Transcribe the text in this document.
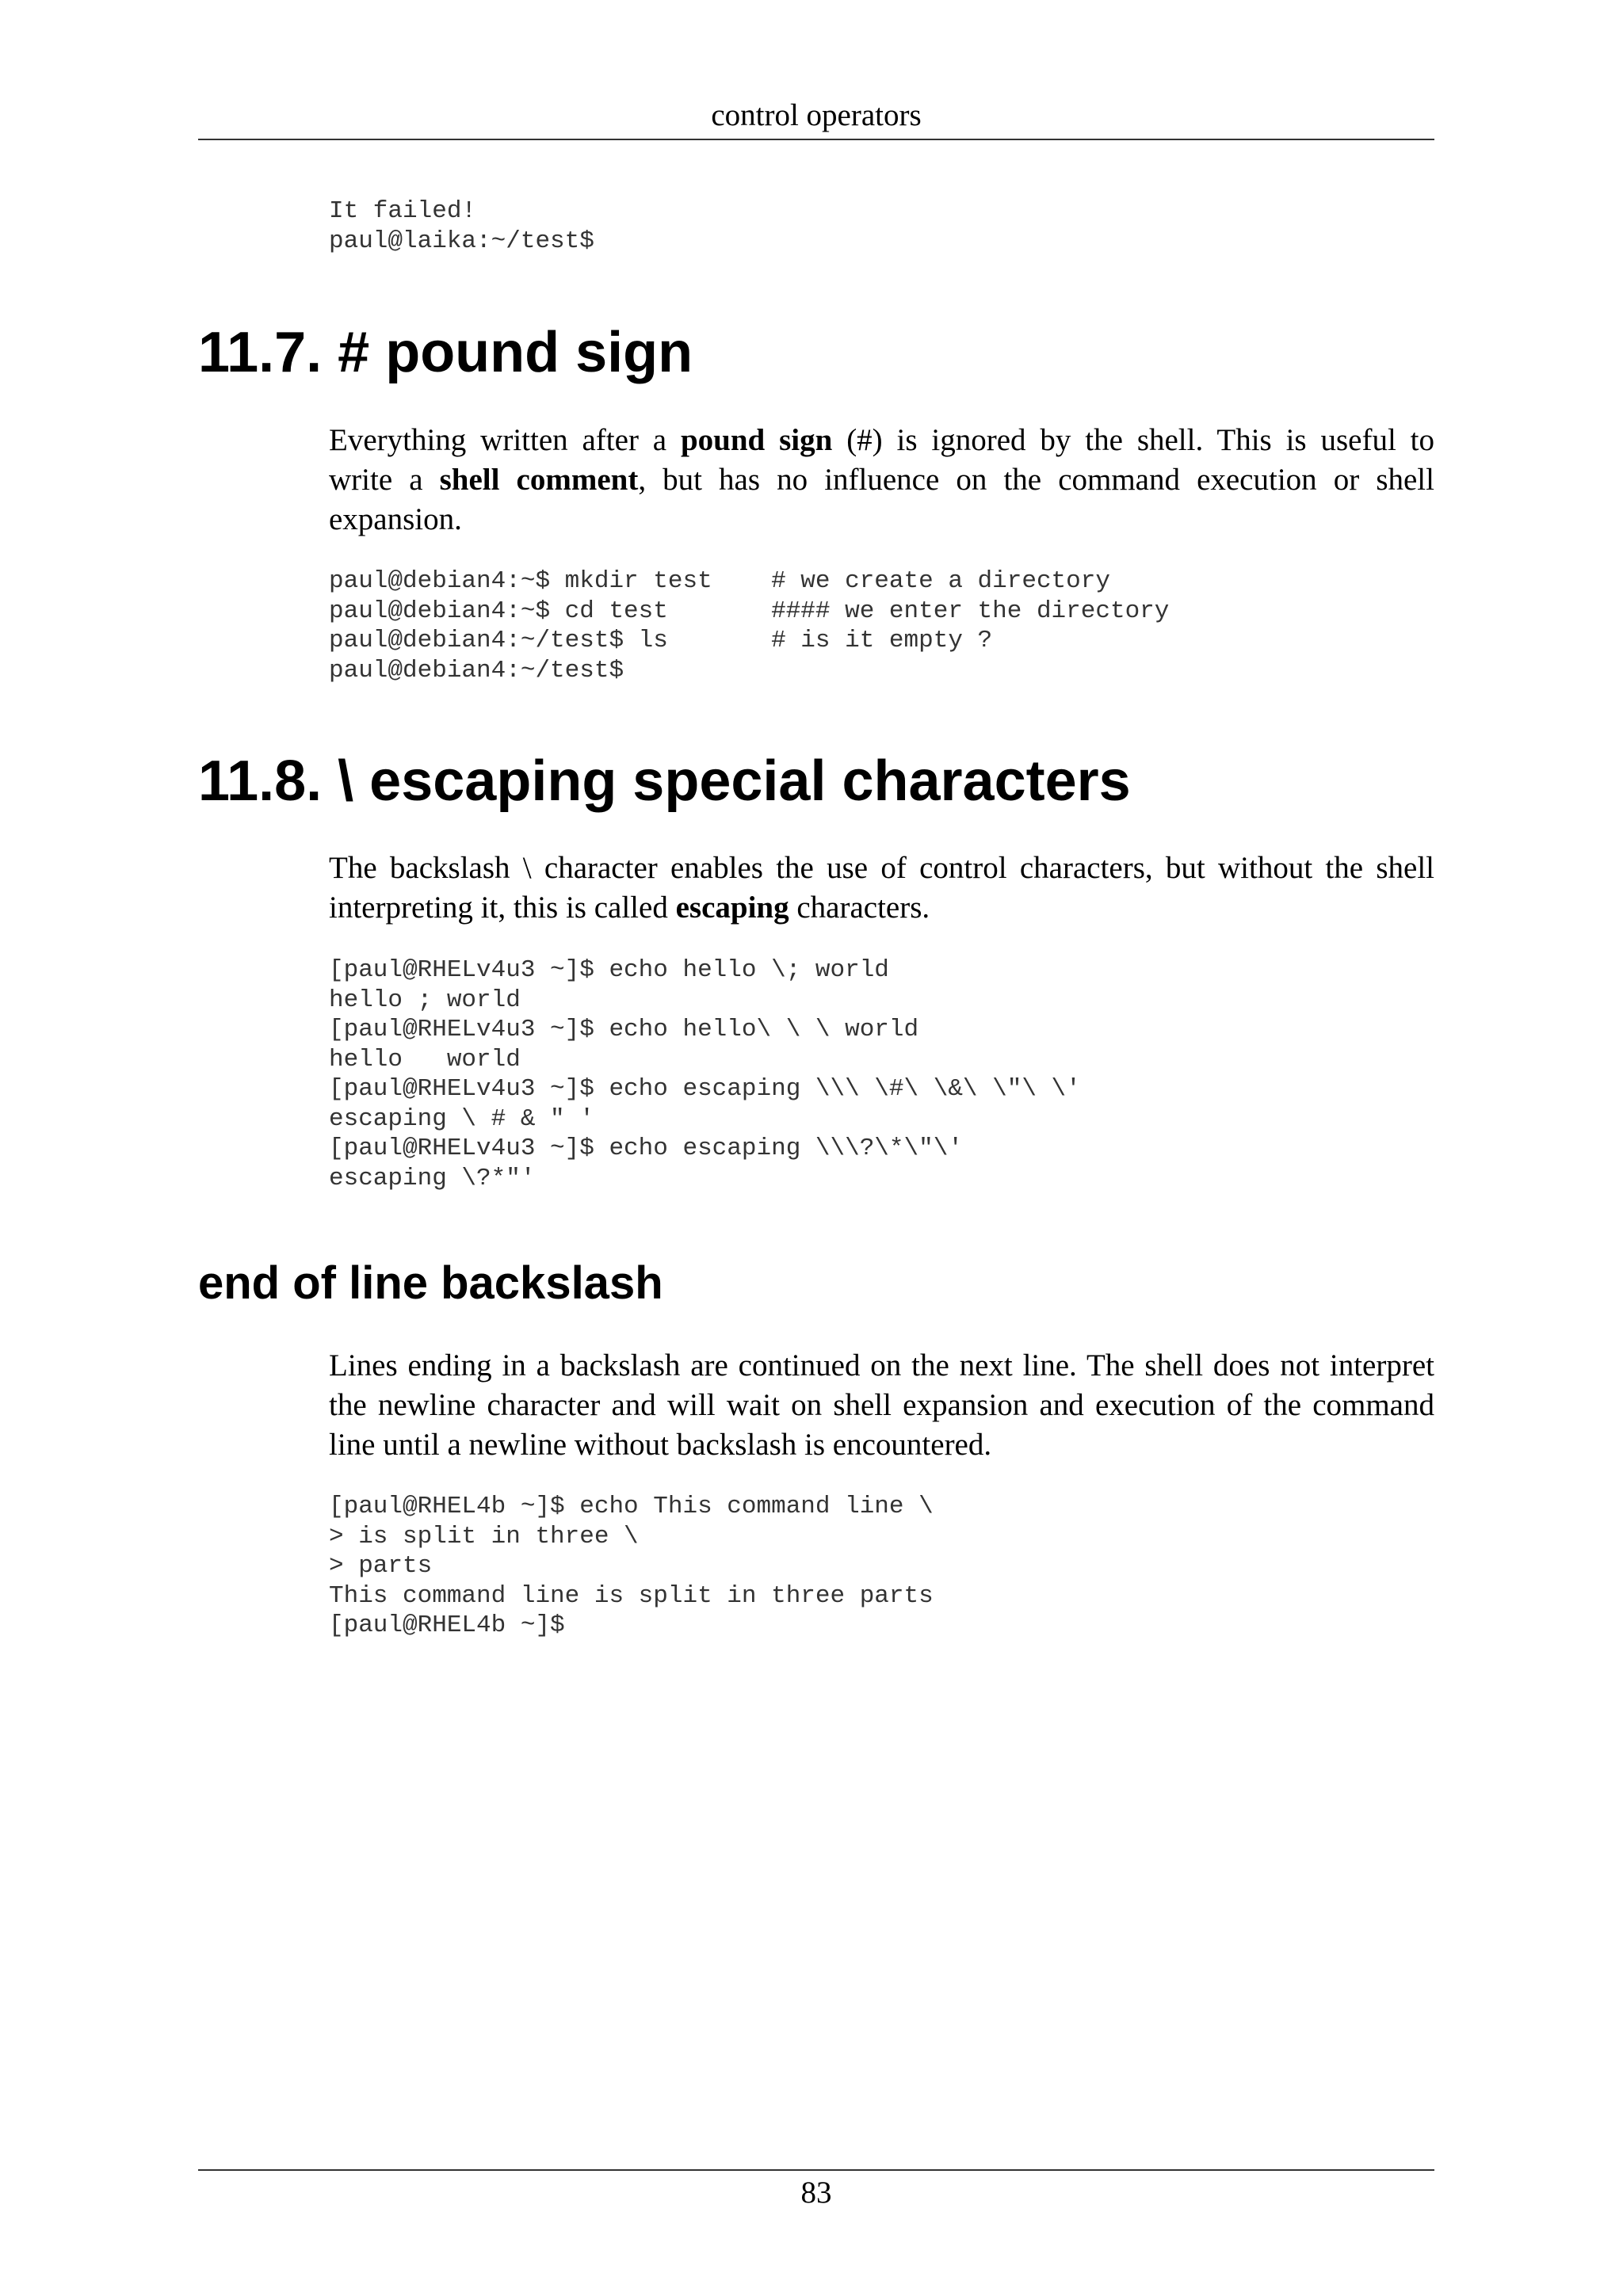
control operators
It failed!
paul@laika:~/test$
11.7. # pound sign

Everything written after a pound sign (#) is ignored by the shell. This is useful to
write a shell comment, but has no influence on the command execution or shell
expansion.

paul@debian4:~$ mkdir test    # we create a directory
paul@debian4:~$ cd test       #### we enter the directory
paul@debian4:~/test$ ls       # is it empty ?
paul@debian4:~/test$
11.8. \ escaping special characters

The backslash \ character enables the use of control characters, but without the shell
interpreting it, this is called escaping characters.

[paul@RHELv4u3 ~]$ echo hello \; world
hello ; world
[paul@RHELv4u3 ~]$ echo hello\ \ \ world
hello   world
[paul@RHELv4u3 ~]$ echo escaping \\\ \#\ \&\ \"\ \'
escaping \ # & " '
[paul@RHELv4u3 ~]$ echo escaping \\\?\*\"\'
escaping \?*"'
end of line backslash

Lines ending in a backslash are continued on the next line. The shell does not interpret
the newline character and will wait on shell expansion and execution of the command
line until a newline without backslash is encountered.

[paul@RHEL4b ~]$ echo This command line \
> is split in three \
> parts
This command line is split in three parts
[paul@RHEL4b ~]$
83
